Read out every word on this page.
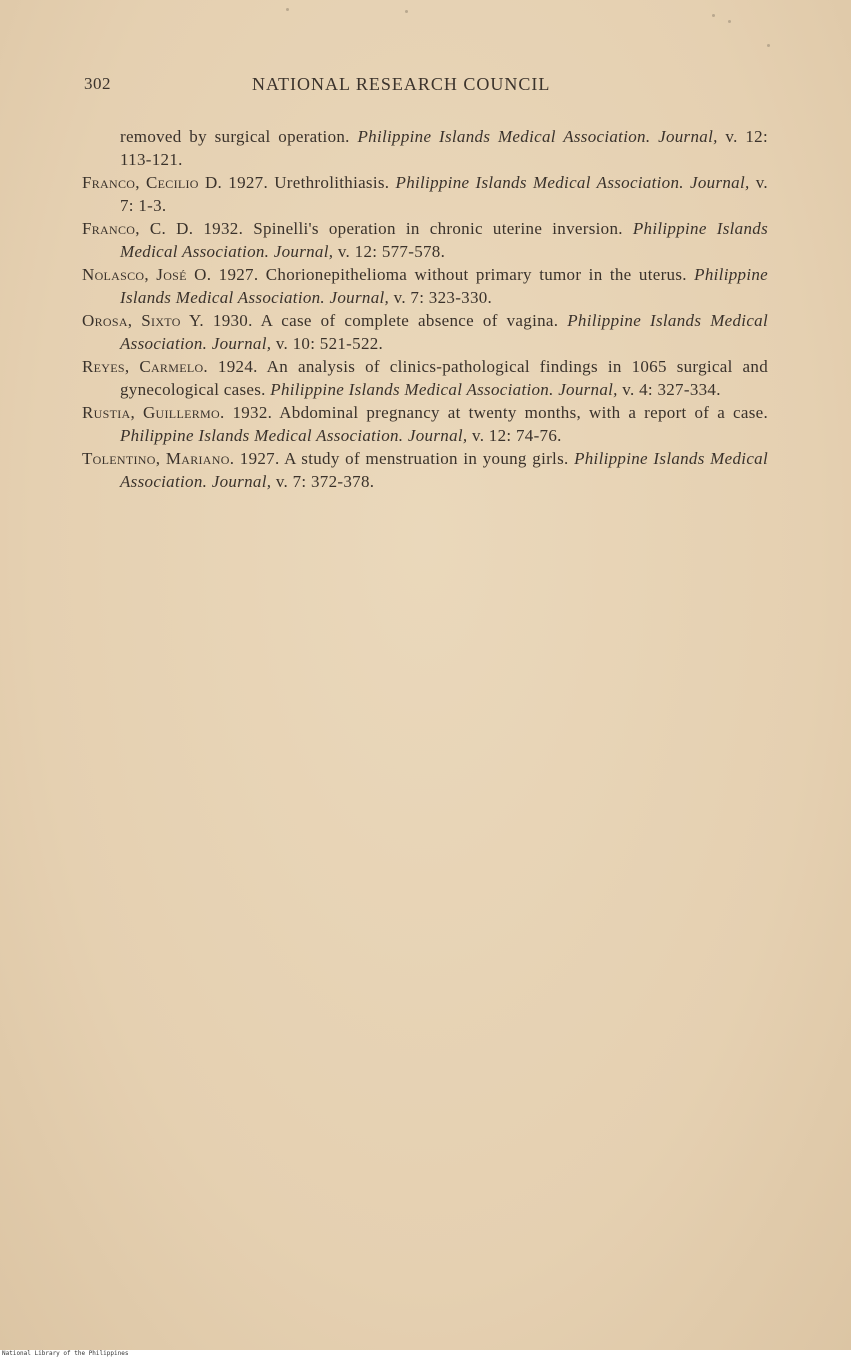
302	NATIONAL RESEARCH COUNCIL

removed by surgical operation. Philippine Islands Medical Association. Journal, v. 12: 113-121.

Franco, Cecilio D. 1927. Urethrolithiasis. Philippine Islands Medical Association. Journal, v. 7: 1-3.

Franco, C. D. 1932. Spinelli's operation in chronic uterine inversion. Philippine Islands Medical Association. Journal, v. 12: 577-578.

Nolasco, José O. 1927. Chorionepithelioma without primary tumor in the uterus. Philippine Islands Medical Association. Journal, v. 7: 323-330.

Orosa, Sixto Y. 1930. A case of complete absence of vagina. Philippine Islands Medical Association. Journal, v. 10: 521-522.

Reyes, Carmelo. 1924. An analysis of clinics-pathological findings in 1065 surgical and gynecological cases. Philippine Islands Medical Association. Journal, v. 4: 327-334.

Rustia, Guillermo. 1932. Abdominal pregnancy at twenty months, with a report of a case. Philippine Islands Medical Association. Journal, v. 12: 74-76.

Tolentino, Mariano. 1927. A study of menstruation in young girls. Philippine Islands Medical Association. Journal, v. 7: 372-378.

National Library of the Philippines
